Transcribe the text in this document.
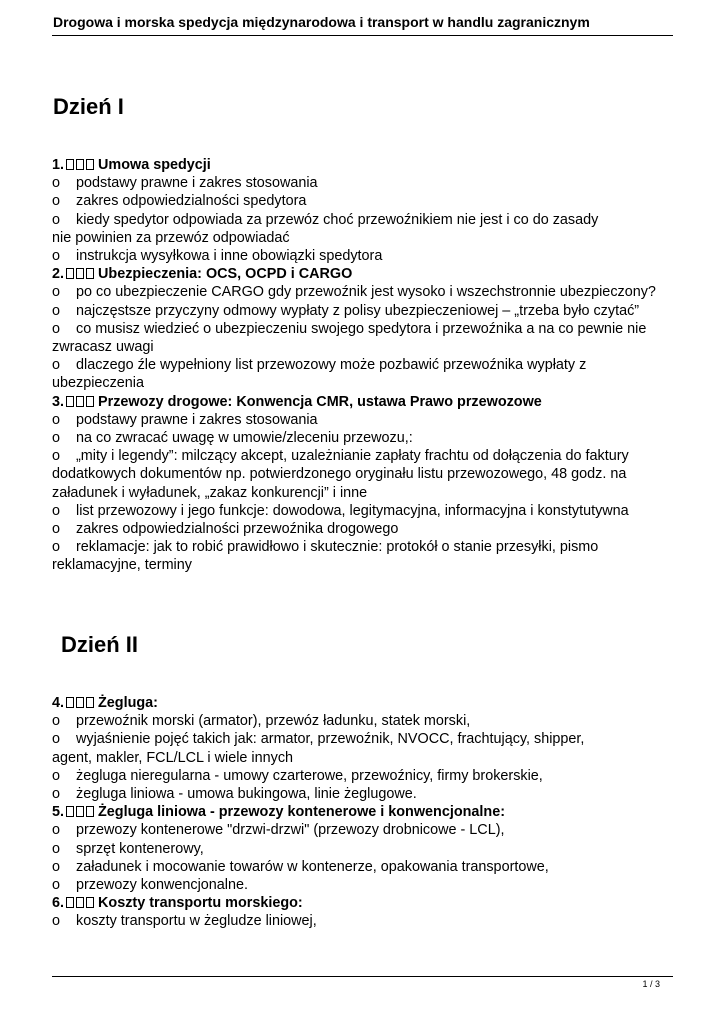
Drogowa i morska spedycja międzynarodowa i transport w handlu zagranicznym
Dzień I
1. Umowa spedycji
o podstawy prawne i zakres stosowania
o zakres odpowiedzialności spedytora
o kiedy spedytor odpowiada za przewóz choć przewoźnikiem nie jest i co do zasady
nie powinien za przewóz odpowiadać
o instrukcja wysyłkowa i inne obowiązki spedytora
2. Ubezpieczenia: OCS, OCPD i CARGO
o po co ubezpieczenie CARGO gdy przewoźnik jest wysoko i wszechstronnie ubezpieczony?
o najczęstsze przyczyny odmowy wypłaty z polisy ubezpieczeniowej – „trzeba było czytać”
o co musisz wiedzieć o ubezpieczeniu swojego spedytora i przewoźnika a na co pewnie nie
zwracasz uwagi
o dlaczego źle wypełniony list przewozowy może pozbawić przewoźnika wypłaty z
ubezpieczenia
3. Przewozy drogowe: Konwencja CMR, ustawa Prawo przewozowe
o podstawy prawne i zakres stosowania
o na co zwracać uwagę w umowie/zleceniu przewozu,:
o „mity i legendy”: milczący akcept, uzależnianie zapłaty frachtu od dołączenia do faktury
dodatkowych dokumentów np. potwierdzonego oryginału listu przewozowego, 48 godz. na
załadunek i wyładunek, „zakaz konkurencji” i inne
o list przewozowy i jego funkcje: dowodowa, legitymacyjna, informacyjna i konstytutywna
o zakres odpowiedzialności przewoźnika drogowego
o reklamacje: jak to robić prawidłowo i skutecznie: protokół o stanie przesyłki, pismo
reklamacyjne, terminy
Dzień II
4. Żegluga:
o przewoźnik morski (armator), przewóz ładunku, statek morski,
o wyjaśnienie pojęć takich jak: armator, przewoźnik, NVOCC, frachtujący, shipper,
agent, makler, FCL/LCL i wiele innych
o żegluga nieregularna - umowy czarterowe, przewoźnicy, firmy brokerskie,
o żegluga liniowa - umowa bukingowa, linie żeglugowe.
5. Żegluga liniowa - przewozy kontenerowe i konwencjonalne:
o przewozy kontenerowe "drzwi-drzwi" (przewozy drobnicowe - LCL),
o sprzęt kontenerowy,
o załadunek i mocowanie towarów w kontenerze, opakowania transportowe,
o przewozy konwencjonalne.
6. Koszty transportu morskiego:
o koszty transportu w żegludze liniowej,
1 / 3
